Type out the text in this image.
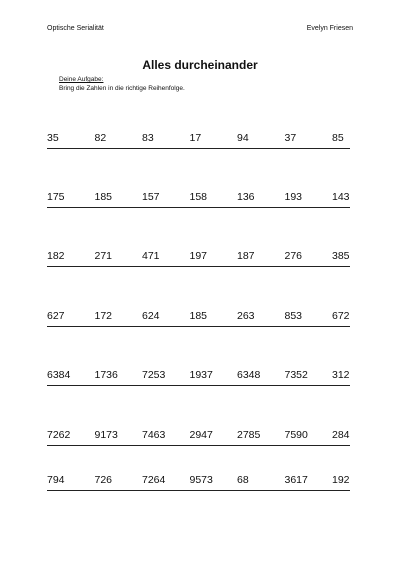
Optische Serialität	Evelyn Friesen
Alles durcheinander
Deine Aufgabe:
Bring die Zahlen in die richtige Reihenfolge.
35	82	83	17	94	37	85
175	185	157	158	136	193	143
182	271	471	197	187	276	385
627	172	624	185	263	853	672
6384	1736	7253	1937	6348	7352	312
7262	9173	7463	2947	2785	7590	284
794	726	7264	9573	68	3617	192
